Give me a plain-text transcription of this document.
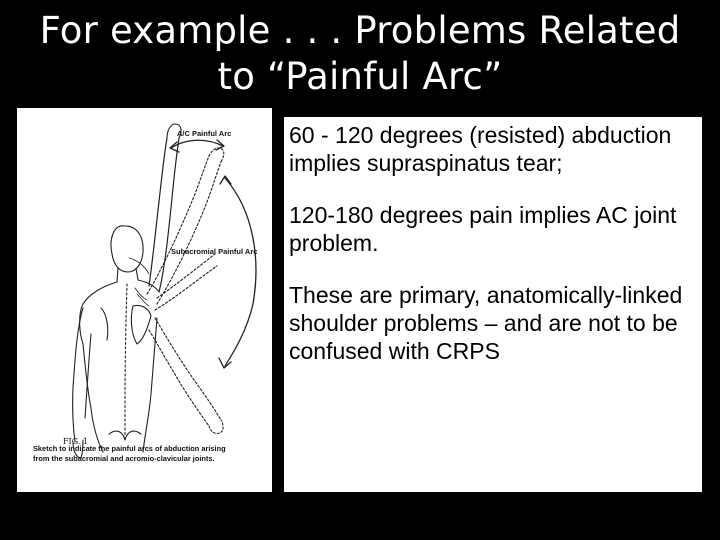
For example . . . Problems Related
to “Painful Arc”
A/C Painful Arc
Subacromial Painful Arc
FIG. 1
Sketch to indicate the painful arcs of abduction arising from the subacromial and acromio-clavicular joints.

60 - 120 degrees (resisted) abduction implies supraspinatus tear;

120-180 degrees pain implies AC joint problem.

These are primary, anatomically-linked shoulder problems – and are not to be confused with CRPS
